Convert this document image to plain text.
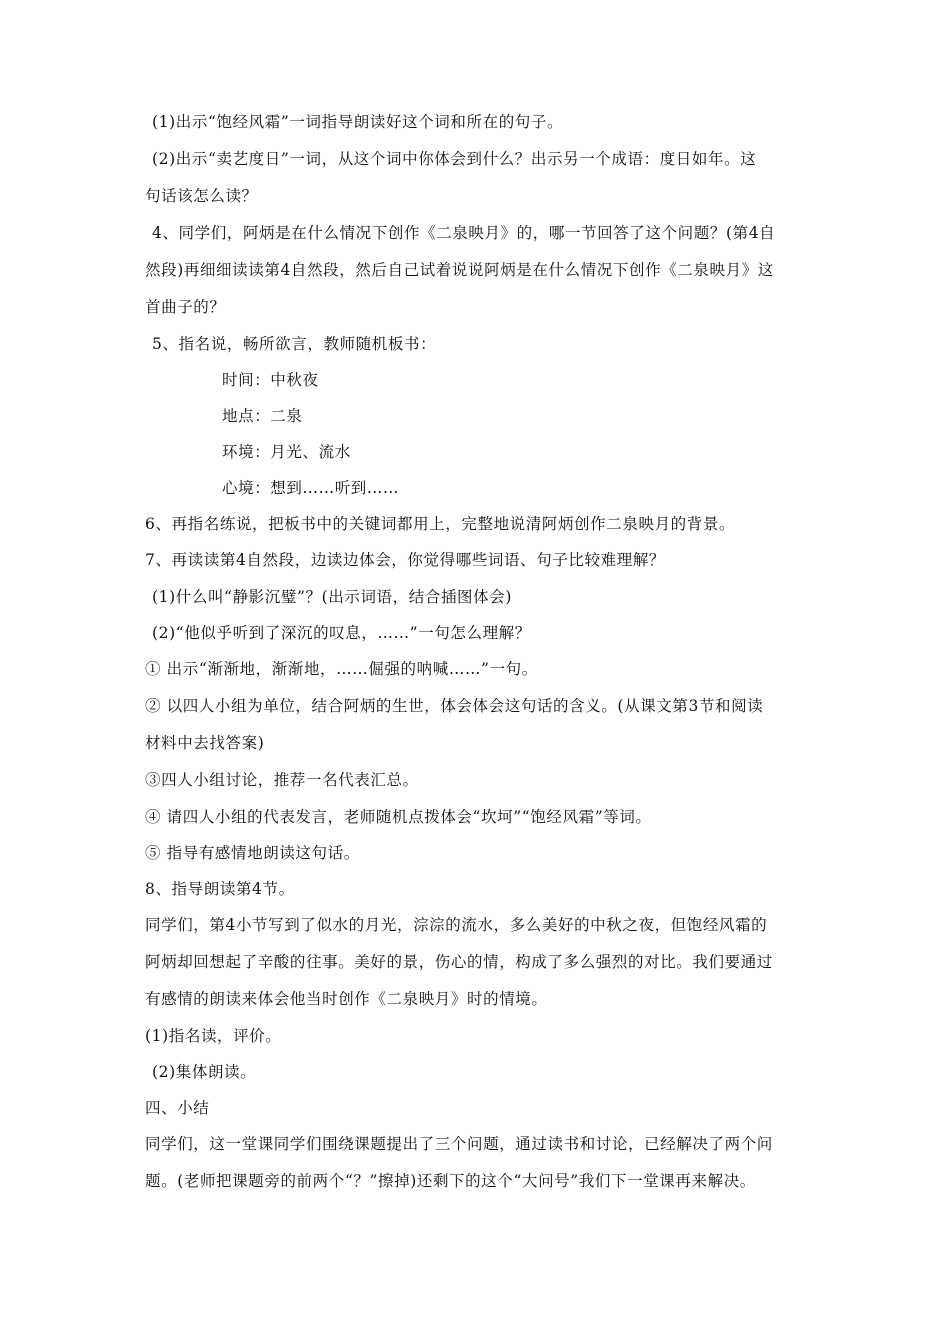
(1)出示“饱经风霜”一词指导朗读好这个词和所在的句子。
(2)出示“卖艺度日”一词，从这个词中你体会到什么？出示另一个成语：度日如年。这
句话该怎么读？
4、同学们，阿炳是在什么情况下创作《二泉映月》的，哪一节回答了这个问题？(第4自
然段)再细细读读第4自然段，然后自己试着说说阿炳是在什么情况下创作《二泉映月》这
首曲子的？
5、指名说，畅所欲言，教师随机板书：
时间：中秋夜
地点：二泉
环境：月光、流水
心境：想到……听到……
6、再指名练说，把板书中的关键词都用上，完整地说清阿炳创作二泉映月的背景。
7、再读读第4自然段，边读边体会，你觉得哪些词语、句子比较难理解？
(1)什么叫“静影沉璧”？(出示词语，结合插图体会)
(2)“他似乎听到了深沉的叹息，……”一句怎么理解？
① 出示“渐渐地，渐渐地，……倔强的呐喊……”一句。
② 以四人小组为单位，结合阿炳的生世，体会体会这句话的含义。(从课文第3节和阅读
材料中去找答案)
③四人小组讨论，推荐一名代表汇总。
④ 请四人小组的代表发言，老师随机点拨体会“坎坷”“饱经风霜”等词。
⑤ 指导有感情地朗读这句话。
8、指导朗读第4节。
同学们，第4小节写到了似水的月光，淙淙的流水，多么美好的中秋之夜，但饱经风霜的
阿炳却回想起了辛酸的往事。美好的景，伤心的情，构成了多么强烈的对比。我们要通过
有感情的朗读来体会他当时创作《二泉映月》时的情境。
(1)指名读，评价。
(2)集体朗读。
四、小结
同学们，这一堂课同学们围绕课题提出了三个问题，通过读书和讨论，已经解决了两个问
题。(老师把课题旁的前两个“？”擦掉)还剩下的这个“大问号”我们下一堂课再来解决。
